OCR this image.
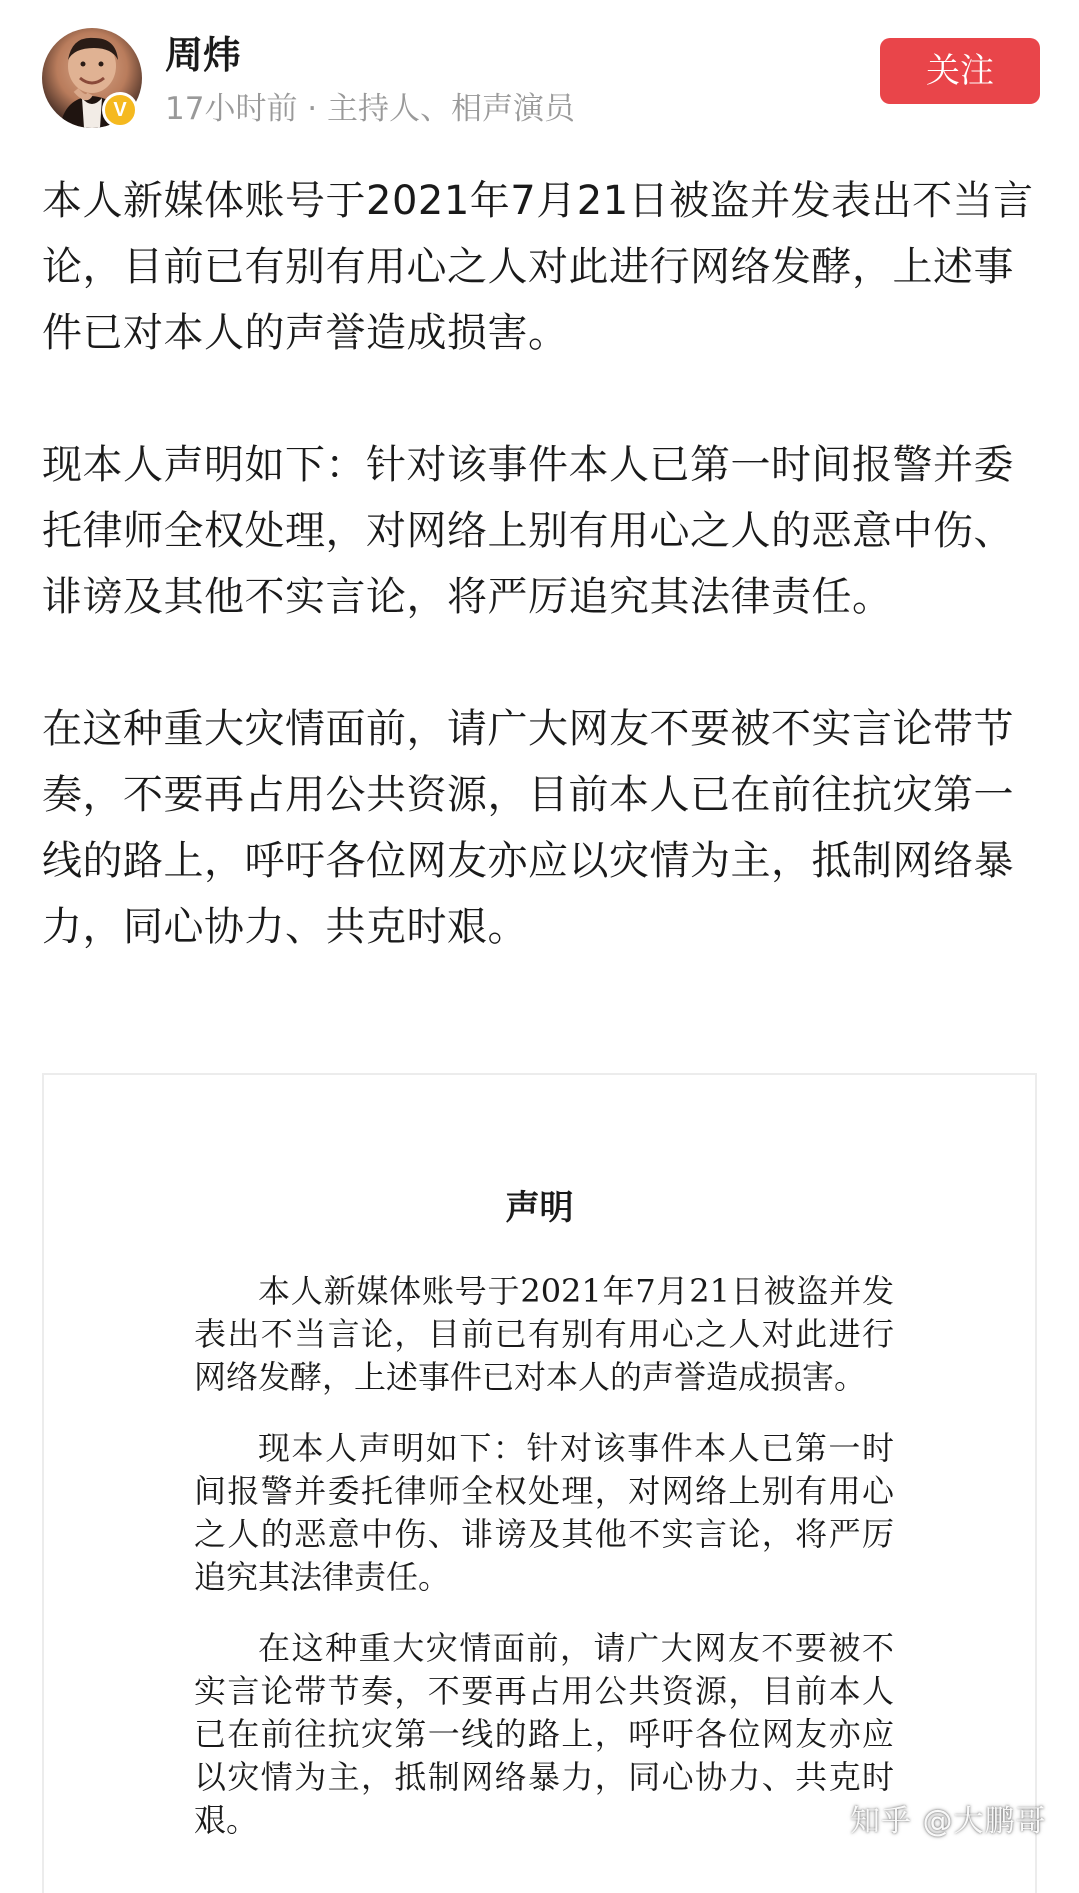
V
周炜
17小时前 · 主持人、相声演员
关注

本人新媒体账号于2021年7月21日被盗并发表出不当言论，目前已有别有用心之人对此进行网络发酵，上述事件已对本人的声誉造成损害。

现本人声明如下：针对该事件本人已第一时间报警并委托律师全权处理，对网络上别有用心之人的恶意中伤、诽谤及其他不实言论，将严厉追究其法律责任。

在这种重大灾情面前，请广大网友不要被不实言论带节奏，不要再占用公共资源，目前本人已在前往抗灾第一线的路上，呼吁各位网友亦应以灾情为主，抵制网络暴力，同心协力、共克时艰。

声明

本人新媒体账号于2021年7月21日被盗并发表出不当言论，目前已有别有用心之人对此进行网络发酵，上述事件已对本人的声誉造成损害。

现本人声明如下：针对该事件本人已第一时间报警并委托律师全权处理，对网络上别有用心之人的恶意中伤、诽谤及其他不实言论，将严厉追究其法律责任。

在这种重大灾情面前，请广大网友不要被不实言论带节奏，不要再占用公共资源，目前本人已在前往抗灾第一线的路上，呼吁各位网友亦应以灾情为主，抵制网络暴力，同心协力、共克时艰。	知乎 @大鹏哥
